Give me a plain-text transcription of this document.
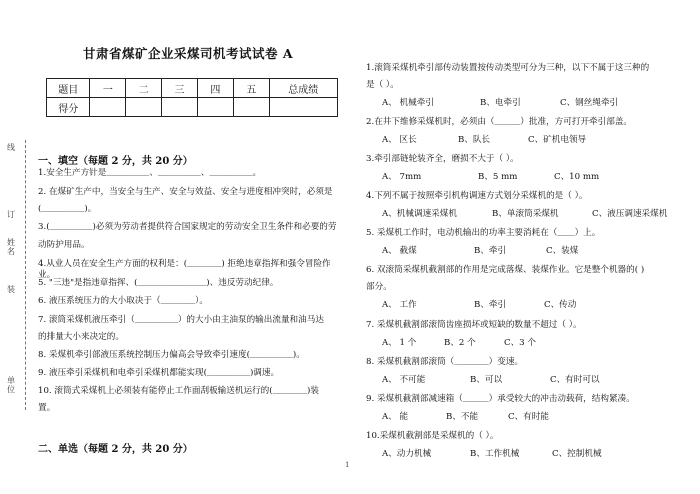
线
订
姓名
装
单位
甘肃省煤矿企业采煤司机考试试卷 A
题目	一	二	三	四	五	总成绩
得分						
一、填空（每题 2 分，共 20 分）
1.安全生产方针是＿＿＿＿＿、＿＿＿＿＿、＿＿＿＿＿。
2. 在煤矿生产中，当安全与生产、安全与效益、安全与进度相冲突时，必须是
(＿＿＿＿＿)。
3.(＿＿＿＿＿)必须为劳动者提供符合国家规定的劳动安全卫生条件和必要的劳
动防护用品。
4.从业人员在安全生产方面的权利是：(＿＿＿＿) 拒绝违章指挥和强令冒险作业。
5. "三违"是指违章指挥、(＿＿＿＿＿＿＿＿)、违反劳动纪律。
6. 液压系统压力的大小取决于（＿＿＿＿）。
7. 滚筒采煤机液压牵引（＿＿＿＿＿）的大小由主油泵的输出流量和油马达
的排量大小来决定的。
8. 采煤机牵引部液压系统控制压力偏高会导致牵引速度(＿＿＿＿＿)。
9. 液压牵引采煤机和电牵引采煤机都能实现(＿＿＿＿＿)调速。
10. 滚筒式采煤机上必须装有能停止工作面刮板输送机运行的(＿＿＿＿)装
置。
二、单选（每题 2 分，共 20 分）
1.滚筒采煤机牵引部传动装置按传动类型可分为三种，以下不属于这三种的
是（ ）。
A、 机械牵引	B、电牵引	C、钢丝绳牵引
2.在井下维修采煤机时，必须由（＿＿＿）批准，方可打开牵引部盖。
A、 区长	B、队长	C、矿机电领导
3.牵引部链轮装齐全，磨损不大于（ ）。
A、 7mm	B、5 mm	C、10 mm
4.下列不属于按照牵引机构调速方式划分采煤机的是（ ）。
A、机械调速采煤机	B、单滚筒采煤机	C、液压调速采煤机
5. 采煤机工作时，电动机输出的功率主要消耗在（＿＿）上。
A、 截煤	B、牵引	C、装煤
6. 双滚筒采煤机截割部的作用是完成落煤、装煤作业。它是整个机器的( )
部分。
A、 工作	B、牵引	C、传动
7. 采煤机截割部滚筒齿座损坏或短缺的数量不超过（ ）。
A、 1 个	B、2 个	C、3 个
8. 采煤机截割部滚筒（＿＿＿＿）变速。
A、 不可能	B、可以	C、有时可以
9. 采煤机截割部减速箱（＿＿＿）承受较大的冲击动载荷，结构紧凑。
A、 能	B、不能	C、有时能
10.采煤机截割部是采煤机的（ ）。
A、动力机械	B、工作机械	C、控制机械
1
